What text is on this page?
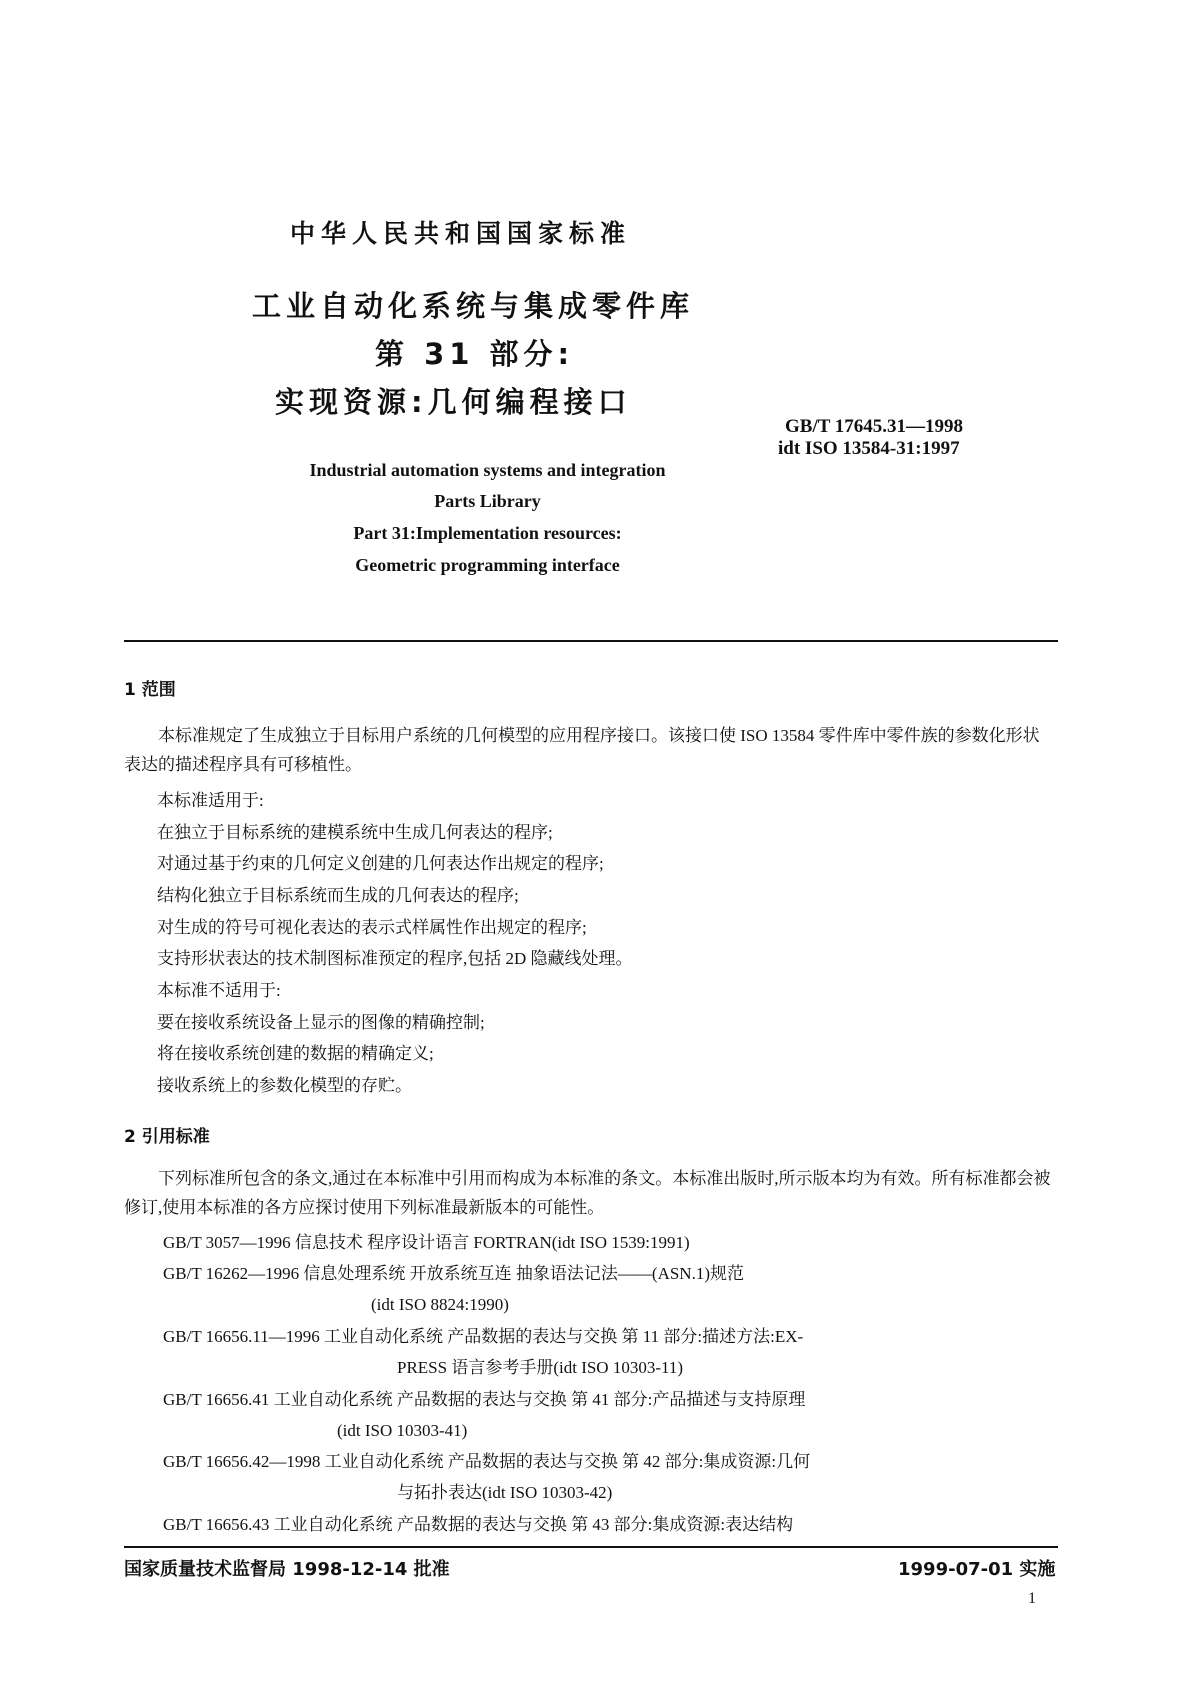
中华人民共和国国家标准
工业自动化系统与集成零件库
第 31 部分:
实现资源:几何编程接口
GB/T 17645.31—1998
idt ISO 13584-31:1997
Industrial automation systems and integration
Parts Library
Part 31:Implementation resources:
Geometric programming interface
1 范围
本标准规定了生成独立于目标用户系统的几何模型的应用程序接口。该接口使 ISO 13584 零件库中零件族的参数化形状表达的描述程序具有可移植性。
本标准适用于:
在独立于目标系统的建模系统中生成几何表达的程序;
对通过基于约束的几何定义创建的几何表达作出规定的程序;
结构化独立于目标系统而生成的几何表达的程序;
对生成的符号可视化表达的表示式样属性作出规定的程序;
支持形状表达的技术制图标准预定的程序,包括 2D 隐藏线处理。
本标准不适用于:
要在接收系统设备上显示的图像的精确控制;
将在接收系统创建的数据的精确定义;
接收系统上的参数化模型的存贮。
2 引用标准
下列标准所包含的条文,通过在本标准中引用而构成为本标准的条文。本标准出版时,所示版本均为有效。所有标准都会被修订,使用本标准的各方应探讨使用下列标准最新版本的可能性。
GB/T 3057—1996 信息技术 程序设计语言 FORTRAN(idt ISO 1539:1991)
GB/T 16262—1996 信息处理系统 开放系统互连 抽象语法记法——(ASN.1)规范
(idt ISO 8824:1990)
GB/T 16656.11—1996 工业自动化系统 产品数据的表达与交换 第 11 部分:描述方法:EX-
PRESS 语言参考手册(idt ISO 10303-11)
GB/T 16656.41 工业自动化系统 产品数据的表达与交换 第 41 部分:产品描述与支持原理
(idt ISO 10303-41)
GB/T 16656.42—1998 工业自动化系统 产品数据的表达与交换 第 42 部分:集成资源:几何
与拓扑表达(idt ISO 10303-42)
GB/T 16656.43 工业自动化系统 产品数据的表达与交换 第 43 部分:集成资源:表达结构
国家质量技术监督局 1998-12-14 批准	1999-07-01 实施
1
